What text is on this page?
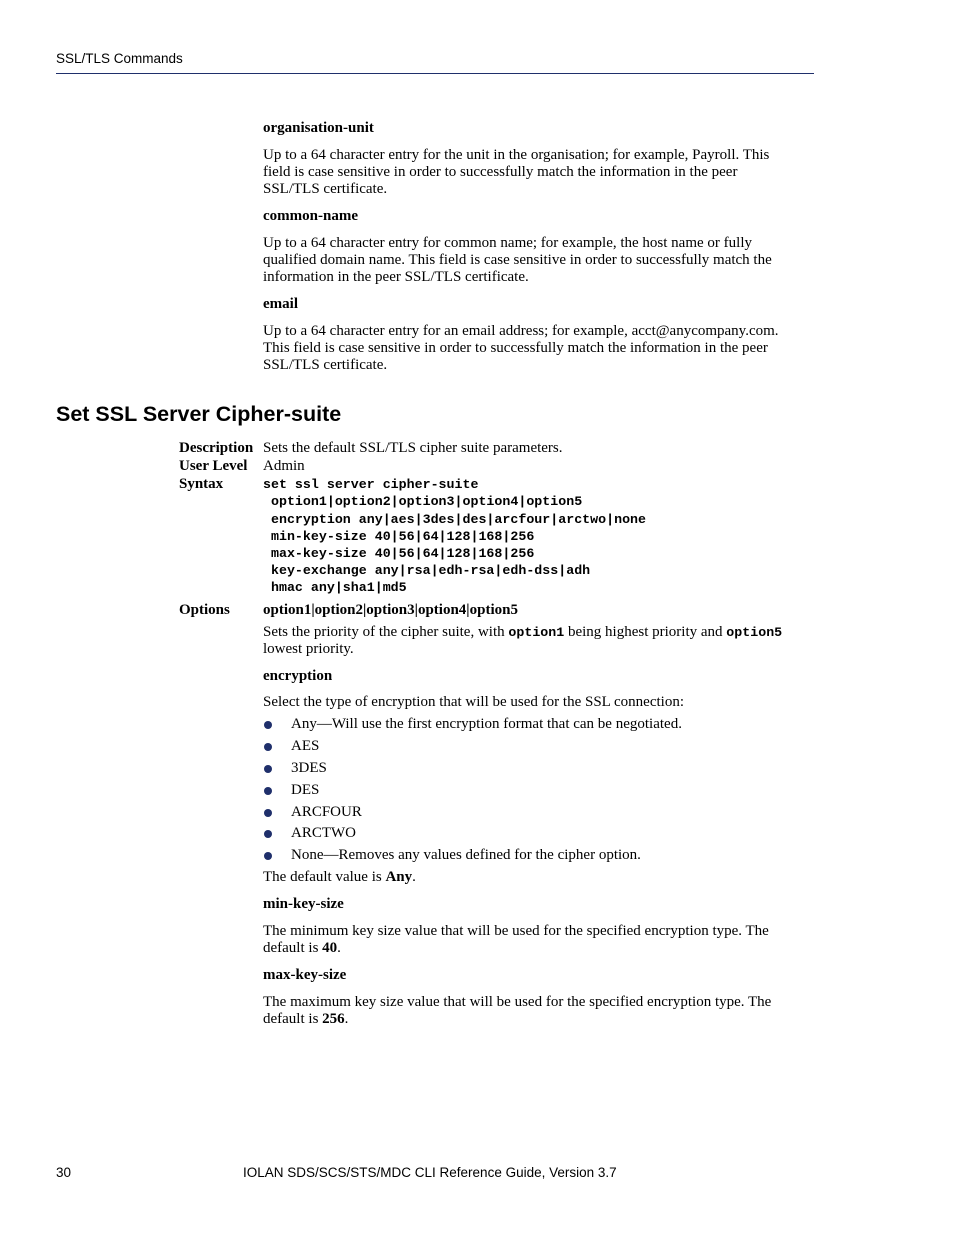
SSL/TLS Commands
organisation-unit
Up to a 64 character entry for the unit in the organisation; for example, Payroll. This
field is case sensitive in order to successfully match the information in the peer
SSL/TLS certificate.
common-name
Up to a 64 character entry for common name; for example, the host name or fully
qualified domain name. This field is case sensitive in order to successfully match the
information in the peer SSL/TLS certificate.
email
Up to a 64 character entry for an email address; for example, acct@anycompany.com.
This field is case sensitive in order to successfully match the information in the peer
SSL/TLS certificate.
Set SSL Server Cipher-suite
Description Sets the default SSL/TLS cipher suite parameters.
User Level Admin
Syntax	set ssl server cipher-suite
option1|option2|option3|option4|option5
encryption any|aes|3des|des|arcfour|arctwo|none
min-key-size 40|56|64|128|168|256
max-key-size 40|56|64|128|168|256
key-exchange any|rsa|edh-rsa|edh-dss|adh
hmac any|sha1|md5
Options option1|option2|option3|option4|option5
Sets the priority of the cipher suite, with option1 being highest priority and option5
lowest priority.
encryption
Select the type of encryption that will be used for the SSL connection:
Any—Will use the first encryption format that can be negotiated.
AES
3DES
DES
ARCFOUR
ARCTWO
None—Removes any values defined for the cipher option.
The default value is Any.
min-key-size
The minimum key size value that will be used for the specified encryption type. The
default is 40.
max-key-size
The maximum key size value that will be used for the specified encryption type. The
default is 256.
30	IOLAN SDS/SCS/STS/MDC CLI Reference Guide, Version 3.7
